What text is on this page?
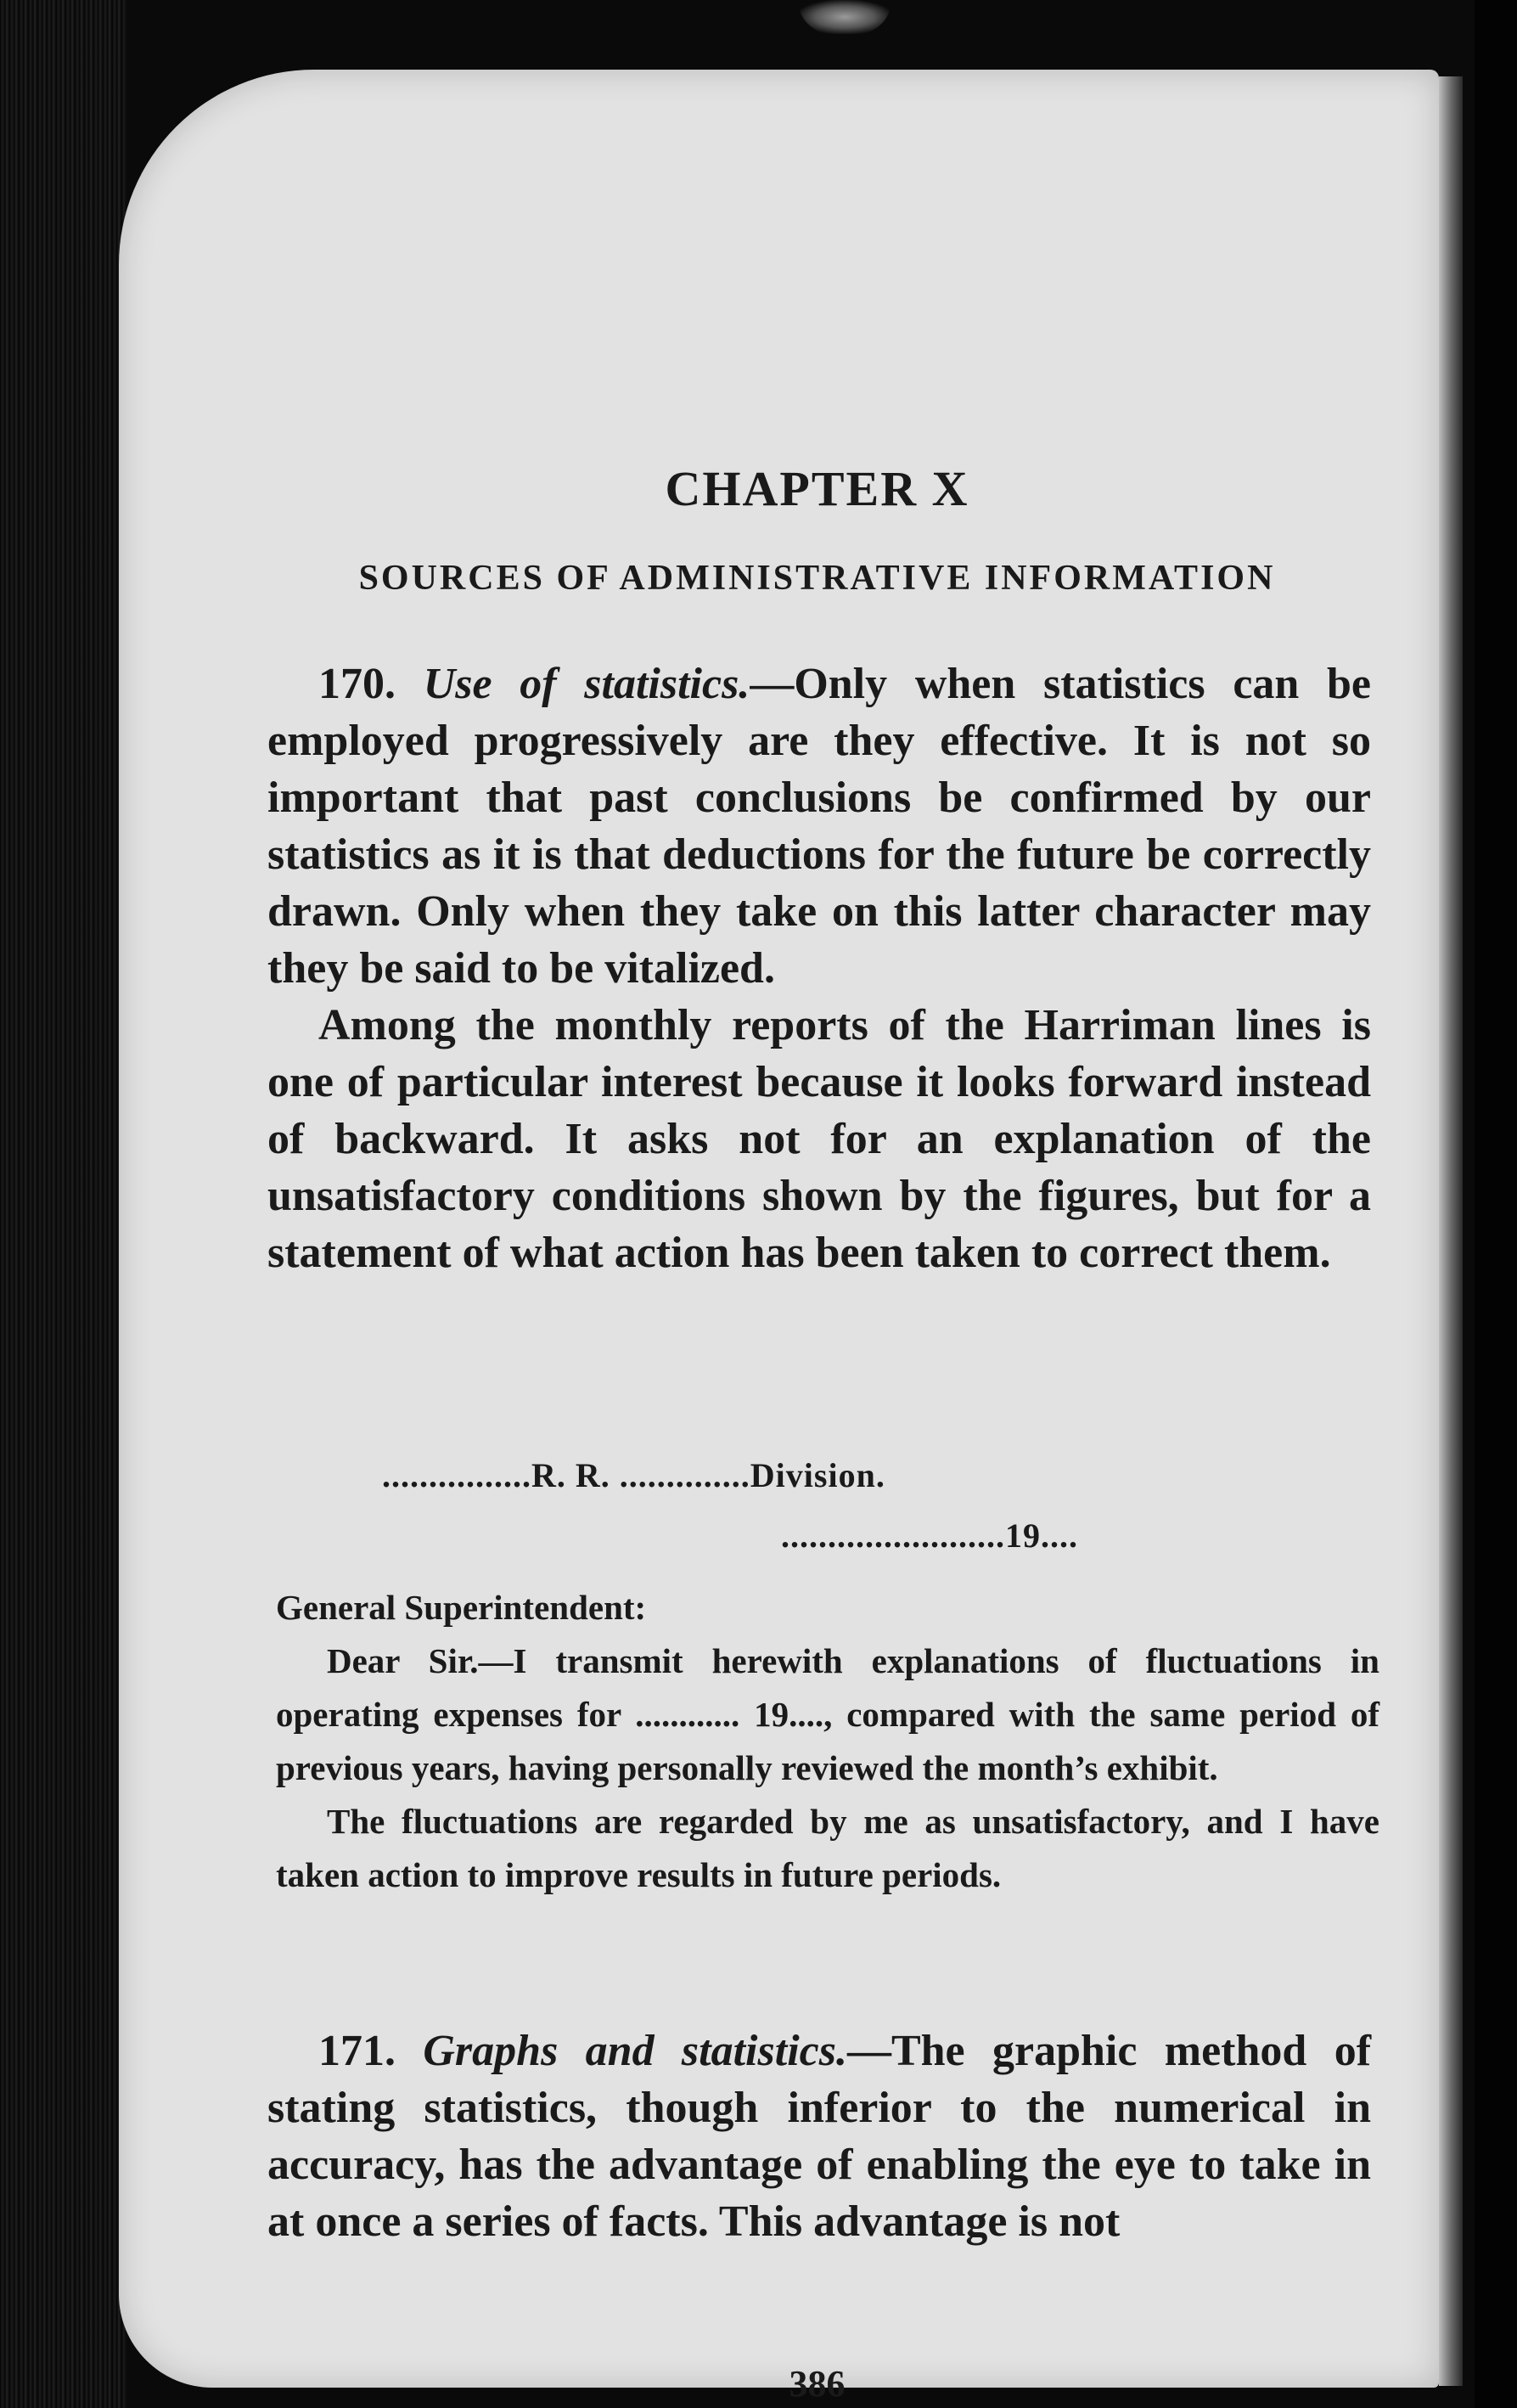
CHAPTER X
SOURCES OF ADMINISTRATIVE INFORMATION
170. Use of statistics.—Only when statistics can be employed progressively are they effective. It is not so important that past conclusions be confirmed by our statistics as it is that deductions for the future be correctly drawn. Only when they take on this latter character may they be said to be vitalized.
Among the monthly reports of the Harriman lines is one of particular interest because it looks forward instead of backward. It asks not for an explanation of the unsatisfactory conditions shown by the figures, but for a statement of what action has been taken to correct them.
................R. R. ..............Division.
........................19....

General Superintendent:

Dear Sir.—I transmit herewith explanations of fluctuations in operating expenses for ............ 19...., compared with the same period of previous years, having personally reviewed the month’s exhibit.

The fluctuations are regarded by me as unsatisfactory, and I have taken action to improve results in future periods.

171. Graphs and statistics.—The graphic method of stating statistics, though inferior to the numerical in accuracy, has the advantage of enabling the eye to take in at once a series of facts. This advantage is not
386
